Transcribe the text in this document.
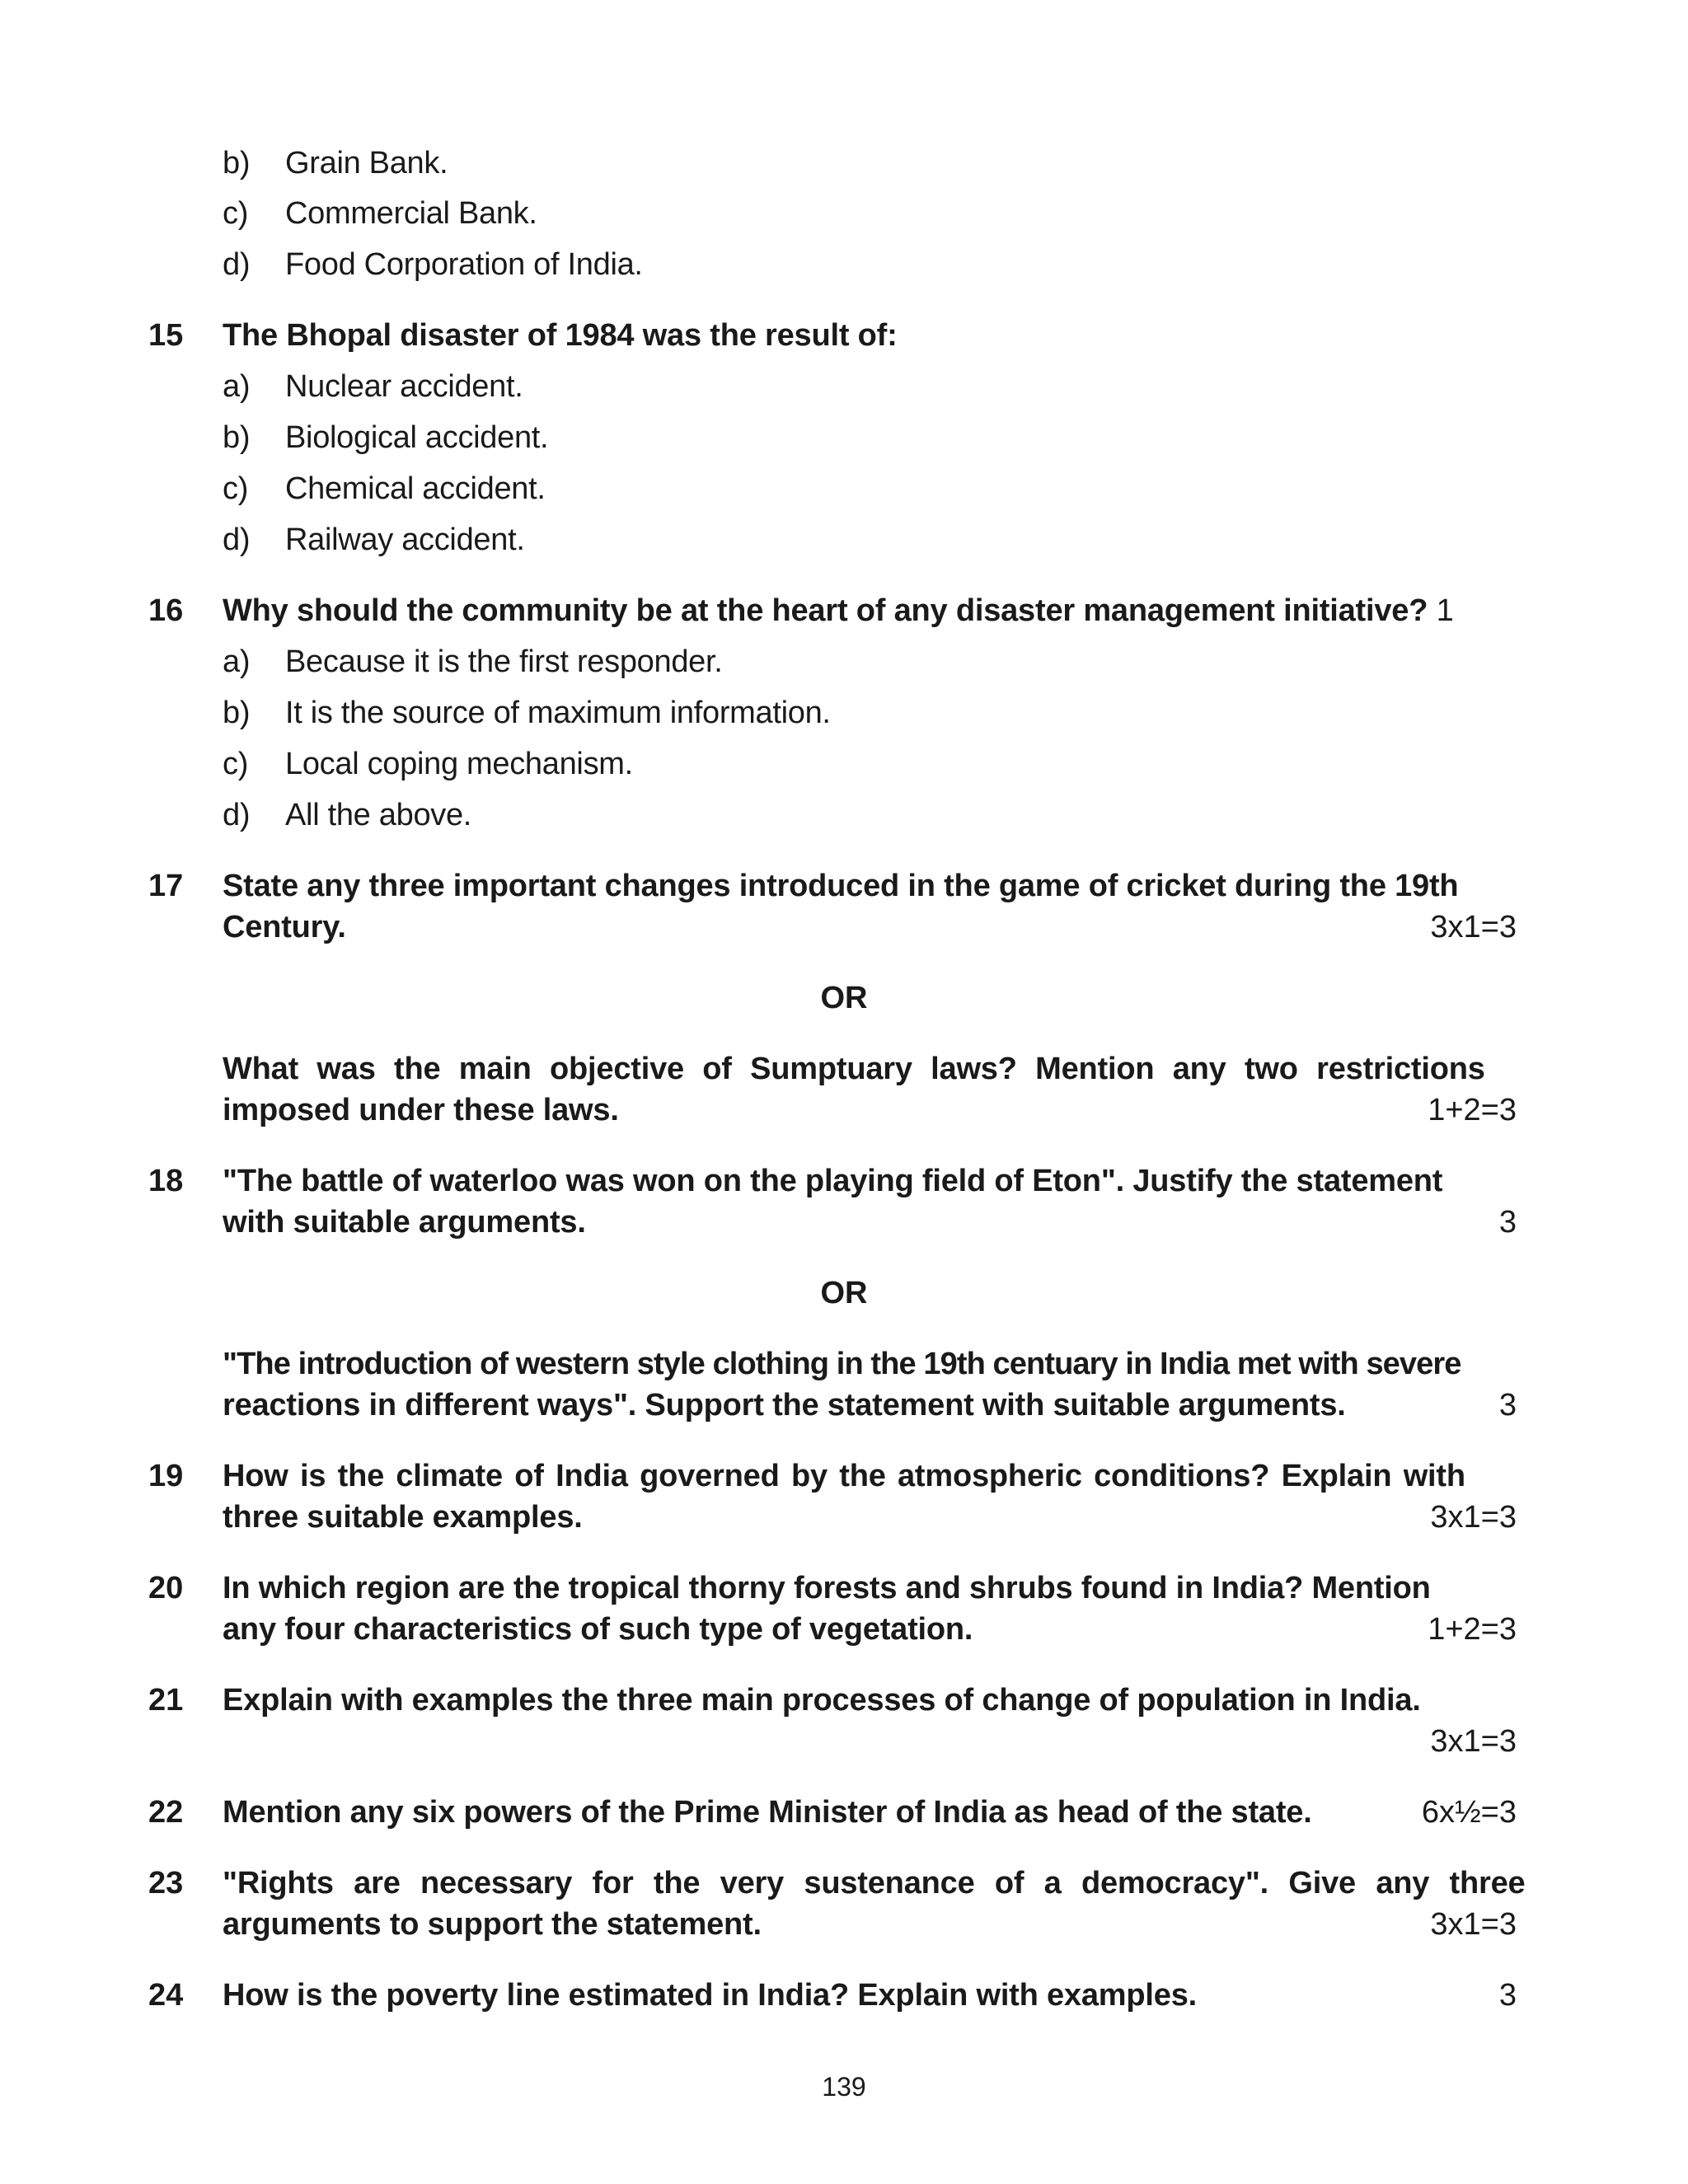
b) Grain Bank.
c) Commercial Bank.
d) Food Corporation of India.
15 The Bhopal disaster of 1984 was the result of:
a) Nuclear accident.
b) Biological accident.
c) Chemical accident.
d) Railway accident.
16 Why should the community be at the heart of any disaster management initiative? 1
a) Because it is the first responder.
b) It is the source of maximum information.
c) Local coping mechanism.
d) All the above.
17 State any three important changes introduced in the game of cricket during the 19th
Century.	3x1=3
OR
What was the main objective of Sumptuary laws? Mention any two restrictions
imposed under these laws.	1+2=3
18 "The battle of waterloo was won on the playing field of Eton". Justify the statement
with suitable arguments.	3
OR
"The introduction of western style clothing in the 19th centuary in India met with severe
reactions in different ways". Support the statement with suitable arguments.	3
19 How is the climate of India governed by the atmospheric conditions? Explain with
three suitable examples.	3x1=3
20 In which region are the tropical thorny forests and shrubs found in India? Mention
any four characteristics of such type of vegetation.	1+2=3
21 Explain with examples the three main processes of change of population in India.
3x1=3
22 Mention any six powers of the Prime Minister of India as head of the state.	6x½=3
23 "Rights are necessary for the very sustenance of a democracy". Give any three
arguments to support the statement.	3x1=3
24 How is the poverty line estimated in India? Explain with examples.	3
139
